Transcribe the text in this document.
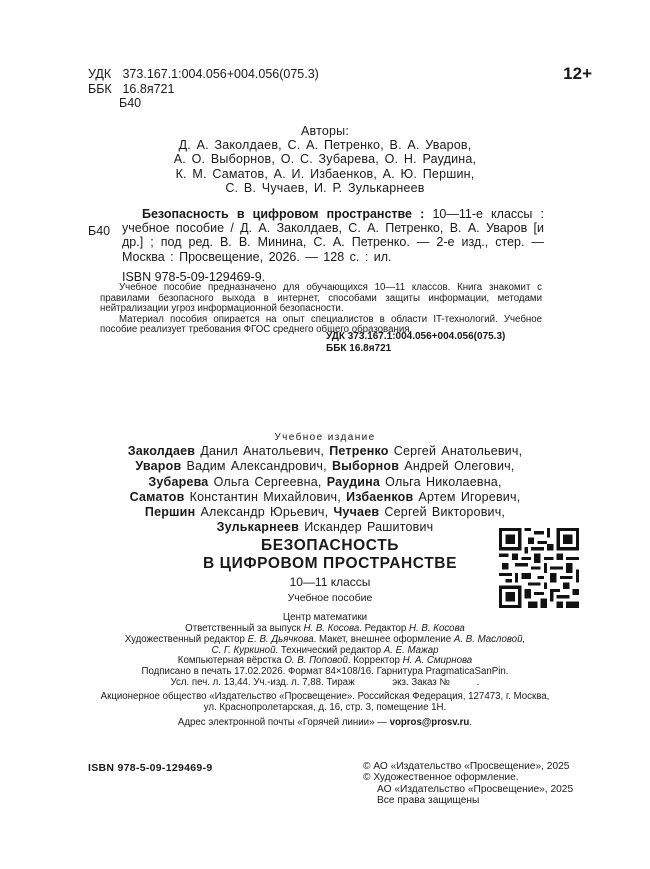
УДК 373.167.1:004.056+004.056(075.3)
ББК 16.8я721
Б40
12+
Авторы:
Д. А. Заколдаев, С. А. Петренко, В. А. Уваров,
А. О. Выборнов, О. С. Зубарева, О. Н. Раудина,
К. М. Саматов, А. И. Избаенков, А. Ю. Першин,
С. В. Чучаев, И. Р. Зулькарнеев
Б40
Безопасность в цифровом пространстве : 10—11-е классы : учебное пособие / Д. А. Заколдаев, С. А. Петренко, В. А. Уваров [и др.] ; под ред. В. В. Минина, С. А. Петренко. — 2-е изд., стер. — Москва : Просвещение, 2026. — 128 с. : ил.
ISBN 978-5-09-129469-9.

Учебное пособие предназначено для обучающихся 10—11 классов. Книга знакомит с правилами безопасного выхода в интернет, способами защиты информации, методами нейтрализации угроз информационной безопасности.

Материал пособия опирается на опыт специалистов в области IT-технологий. Учебное пособие реализует требования ФГОС среднего общего образования.

УДК 373.167.1:004.056+004.056(075.3)
ББК 16.8я721
Учебное издание
Заколдаев Данил Анатольевич, Петренко Сергей Анатольевич,
Уваров Вадим Александрович, Выборнов Андрей Олегович,
Зубарева Ольга Сергеевна, Раудина Ольга Николаевна,
Саматов Константин Михайлович, Избаенков Артем Игоревич,
Першин Александр Юрьевич, Чучаев Сергей Викторович,
Зулькарнеев Искандер Рашитович
БЕЗОПАСНОСТЬ
В ЦИФРОВОМ ПРОСТРАНСТВЕ
10—11 классы
Учебное пособие
Центр математики
Ответственный за выпуск Н. В. Косова. Редактор Н. В. Косова
Художественный редактор Е. В. Дьячкова. Макет, внешнее оформление А. В. Масловой,
С. Г. Куркиной. Технический редактор А. Е. Мажар
Компьютерная вёрстка О. В. Поповой. Корректор Н. А. Смирнова
Подписано в печать 17.02.2026. Формат 84×108/16. Гарнитура PragmaticaSanPin.
Усл. печ. л. 13,44. Уч.-изд. л. 7,88. Тираж              экз. Заказ №          .
Акционерное общество «Издательство «Просвещение». Российская Федерация, 127473, г. Москва,
ул. Краснопролетарская, д. 16, стр. 3, помещение 1Н.
Адрес электронной почты «Горячей линии» — vopros@prosv.ru.
ISBN 978-5-09-129469-9	© АО «Издательство «Просвещение», 2025
© Художественное оформление.
АО «Издательство «Просвещение», 2025
Все права защищены
